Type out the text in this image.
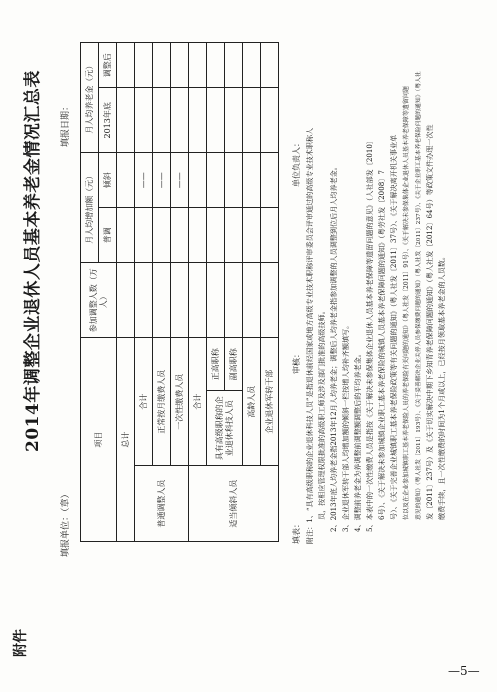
2014年调整企业退休人员基本养老金情况汇总表
填报单位：（章）
填报日期：
项目			参加调整人数（万人）	月人均增加额（元）		月人均养老金（元）	
				普调	倾斜	2013年底	调整后
总计							
普通调整人员	合计				——		
	正常按月缴费人员				——		
	一次性缴费人员				——		
适当倾斜人员	合计						
	具有高级职称的企业退休科技人员	正高职称					
		副高职称					
	高龄人员						
	企业退休军转干部						
填表：
审核：
单位负责人： 附注：1、“具有高级职称的企业退休科技人员”是指退休前经国家或地方高级专业技术职称评审委员会评审通过的高级专业技术职称人 员，按相应管理权限批准的高级职工师及涉及部门批准的高级技师。 2、2013年底人均养老金指2013年12月人均养老金；调整后人均养老金指参加调整的人员调整到位后月人均养老金。 3、企业退休军转干部人均增加额的倾斜一栏按增人均补齐额填写。 4、调整前养老金为养调整前调整额调整后的平均养老金。 5、本表中的一次性缴费人员是指按《关于解决未参保集体企业退休人员基本养老保障等遗留问题的意见》（人社部发〔2010〕 6号）、《关于解决未参加城镇企业职工基本养老保险的城镇人员基本养老保障问题的通知》（粤劳社发〔2008〕7 号）、《关于完善企业城镇职工基本养老保险政策等有关问题的通知》（粤人社发〔2011〕37号）、《关于解决离开机关事业单 位以及在企业参加城镇职工基本养老保险人员的养老保险有关问题的通知》（粤人社发〔2011〕91号）、《关于解决未参保集体企业退休人员基本养老保障等遗留问题	意见的通知》（粤人社发〔2011〕193号）、《关于妥善解决企业关停人员参保缴费问题的通知》（粤人社发〔2011〕237号）、《关于企业职工基本养老保险问题的通知》（粤人社 发〔2011〕237号）及《关于切实解决中期下乡知青养老保障问题的通知》（粤人社发〔2012〕64号）等政策文件办理一次性 缴费手续，且一次性缴费的时间为1个月或以上，已经按月领取基本养老金的人员数。
附件
—5—
